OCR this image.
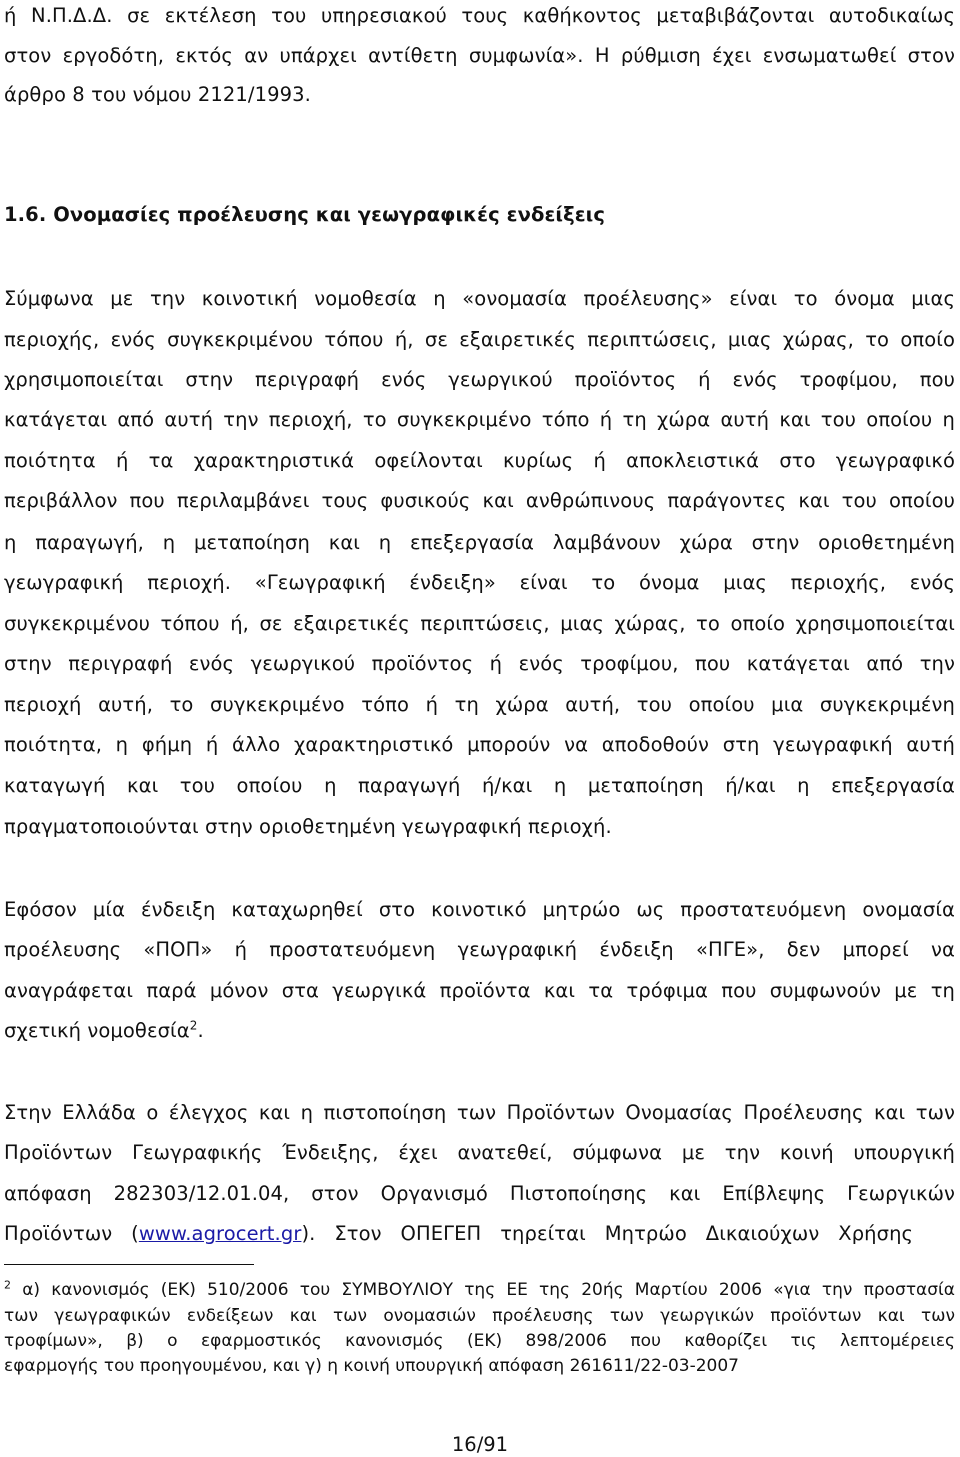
ή Ν.Π.Δ.Δ. σε εκτέλεση του υπηρεσιακού τους καθήκοντος μεταβιβάζονται αυτοδικαίως
στον εργοδότη, εκτός αν υπάρχει αντίθετη συμφωνία». Η ρύθμιση έχει ενσωματωθεί στον
άρθρο 8 του νόμου 2121/1993.
1.6. Ονομασίες προέλευσης και γεωγραφικές ενδείξεις
Σύμφωνα με την κοινοτική νομοθεσία η «ονομασία προέλευσης» είναι το όνομα μιας
περιοχής, ενός συγκεκριμένου τόπου ή, σε εξαιρετικές περιπτώσεις, μιας χώρας, το οποίο
χρησιμοποιείται στην περιγραφή ενός γεωργικού προϊόντος ή ενός τροφίμου, που
κατάγεται από αυτή την περιοχή, το συγκεκριμένο τόπο ή τη χώρα αυτή και του οποίου η
ποιότητα ή τα χαρακτηριστικά οφείλονται κυρίως ή αποκλειστικά στο γεωγραφικό
περιβάλλον που περιλαμβάνει τους φυσικούς και ανθρώπινους παράγοντες και του οποίου
η παραγωγή, η μεταποίηση και η επεξεργασία λαμβάνουν χώρα στην οριοθετημένη
γεωγραφική περιοχή. «Γεωγραφική ένδειξη» είναι το όνομα μιας περιοχής, ενός
συγκεκριμένου τόπου ή, σε εξαιρετικές περιπτώσεις, μιας χώρας, το οποίο χρησιμοποιείται
στην περιγραφή ενός γεωργικού προϊόντος ή ενός τροφίμου, που κατάγεται από την
περιοχή αυτή, το συγκεκριμένο τόπο ή τη χώρα αυτή, του οποίου μια συγκεκριμένη
ποιότητα, η φήμη ή άλλο χαρακτηριστικό μπορούν να αποδοθούν στη γεωγραφική αυτή
καταγωγή και του οποίου η παραγωγή ή/και η μεταποίηση ή/και η επεξεργασία
πραγματοποιούνται στην οριοθετημένη γεωγραφική περιοχή.
Εφόσον μία ένδειξη καταχωρηθεί στο κοινοτικό μητρώο ως προστατευόμενη ονομασία
προέλευσης «ΠΟΠ» ή προστατευόμενη γεωγραφική ένδειξη «ΠΓΕ», δεν μπορεί να
αναγράφεται παρά μόνον στα γεωργικά προϊόντα και τα τρόφιμα που συμφωνούν με τη
σχετική νομοθεσία$^2$.
Στην Ελλάδα ο έλεγχος και η πιστοποίηση των Προϊόντων Ονομασίας Προέλευσης και των
Προϊόντων Γεωγραφικής Ένδειξης, έχει ανατεθεί, σύμφωνα με την κοινή υπουργική
απόφαση 282303/12.01.04, στον Οργανισμό Πιστοποίησης και Επίβλεψης Γεωργικών
Προϊόντων   (www.agrocert.gr).   Στον   ΟΠΕΓΕΠ   τηρείται   Μητρώο   Δικαιούχων   Χρήσης
$^2$ α) κανονισμός (ΕΚ) 510/2006 του ΣΥΜΒΟΥΛΙΟΥ της ΕΕ της 20ής Μαρτίου 2006 «για την προστασία
των γεωγραφικών ενδείξεων και των ονομασιών προέλευσης των γεωργικών προϊόντων και των
τροφίμων», β) ο εφαρμοστικός κανονισμός (ΕΚ) 898/2006 που καθορίζει τις λεπτομέρειες
εφαρμογής του προηγουμένου, και γ) η κοινή υπουργική απόφαση 261611/22-03-2007
16/91
